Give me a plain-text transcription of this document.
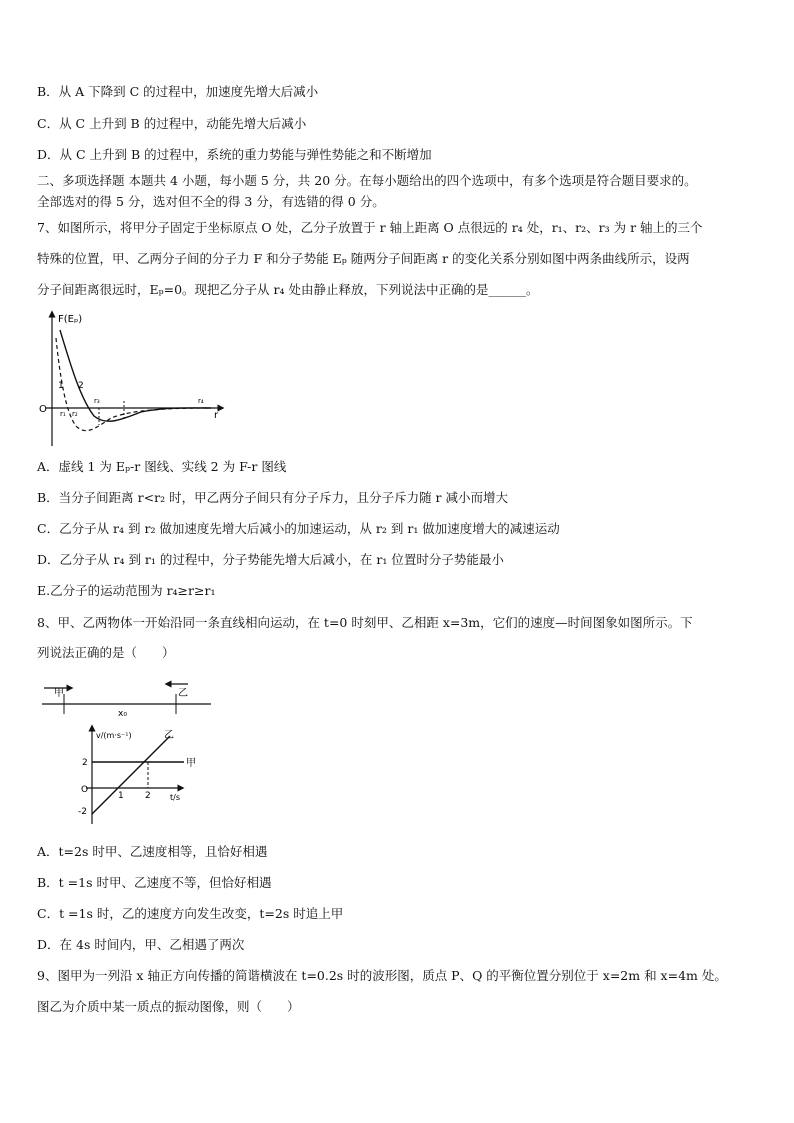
B．从 A 下降到 C 的过程中，加速度先增大后减小
C．从 C 上升到 B 的过程中，动能先增大后减小
D．从 C 上升到 B 的过程中，系统的重力势能与弹性势能之和不断增加
二、多项选择题 本题共 4 小题，每小题 5 分，共 20 分。在每小题给出的四个选项中，有多个选项是符合题目要求的。
全部选对的得 5 分，选对但不全的得 3 分，有选错的得 0 分。
7、如图所示，将甲分子固定于坐标原点 O 处，乙分子放置于 r 轴上距离 O 点很远的 r₄ 处，r₁、r₂、r₃ 为 r 轴上的三个
特殊的位置，甲、乙两分子间的分子力 F 和分子势能 Eₚ 随两分子间距离 r 的变化关系分别如图中两条曲线所示，设两
分子间距离很远时，Eₚ=0。现把乙分子从 r₄ 处由静止释放，下列说法中正确的是______。
F(Eₚ)
O
r
1 2
r₁ r₂
r₃	r₄
A．虚线 1 为 Eₚ-r 图线、实线 2 为 F-r 图线
B．当分子间距离 r<r₂ 时，甲乙两分子间只有分子斥力，且分子斥力随 r 减小而增大
C．乙分子从 r₄ 到 r₂ 做加速度先增大后减小的加速运动，从 r₂ 到 r₁ 做加速度增大的减速运动
D．乙分子从 r₄ 到 r₁ 的过程中，分子势能先增大后减小，在 r₁ 位置时分子势能最小
E.乙分子的运动范围为 r₄≥r≥r₁
8、甲、乙两物体一开始沿同一条直线相向运动，在 t=0 时刻甲、乙相距 x=3m，它们的速度—时间图象如图所示。下
列说法正确的是（　　）
甲	乙
x₀
v/(m·s⁻¹)
t/s
O
2
-2
1 2
甲
乙
A．t=2s 时甲、乙速度相等，且恰好相遇
B．t =1s 时甲、乙速度不等，但恰好相遇
C．t =1s 时，乙的速度方向发生改变，t=2s 时追上甲
D．在 4s 时间内，甲、乙相遇了两次
9、图甲为一列沿 x 轴正方向传播的简谐横波在 t=0.2s 时的波形图，质点 P、Q 的平衡位置分别位于 x=2m 和 x=4m 处。
图乙为介质中某一质点的振动图像，则（　　）
